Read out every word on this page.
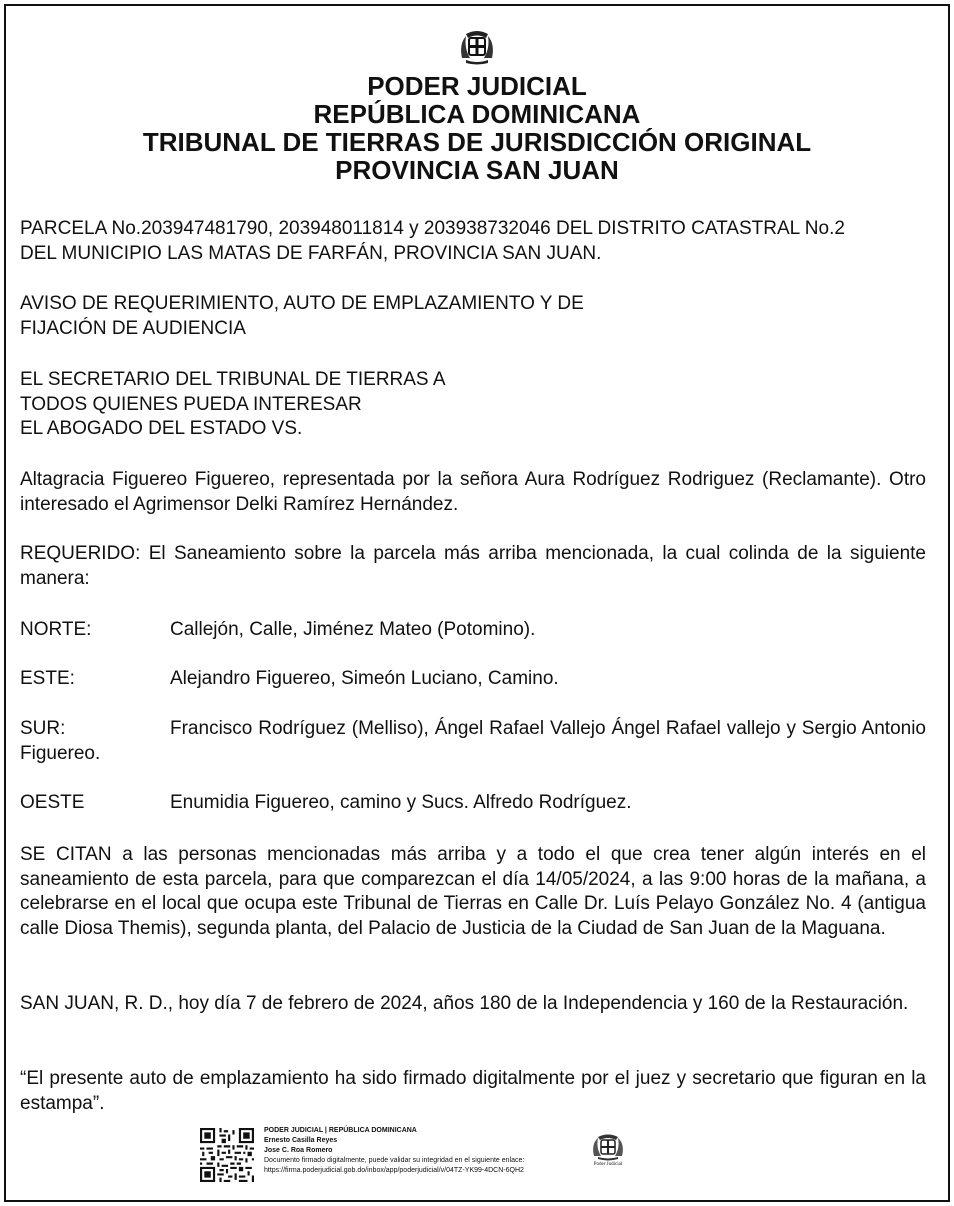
PODER JUDICIAL
REPÚBLICA DOMINICANA
TRIBUNAL DE TIERRAS DE JURISDICCIÓN ORIGINAL
PROVINCIA SAN JUAN
PARCELA No.203947481790, 203948011814 y 203938732046 DEL DISTRITO CATASTRAL No.2
DEL MUNICIPIO LAS MATAS DE FARFÁN, PROVINCIA SAN JUAN.
AVISO DE REQUERIMIENTO, AUTO DE EMPLAZAMIENTO Y DE
FIJACIÓN DE AUDIENCIA
EL SECRETARIO DEL TRIBUNAL DE TIERRAS A
TODOS QUIENES PUEDA INTERESAR
EL ABOGADO DEL ESTADO VS.

Altagracia Figuereo Figuereo, representada por la señora Aura Rodríguez Rodriguez (Reclamante). Otro interesado el Agrimensor Delki Ramírez Hernández.

REQUERIDO: El Saneamiento sobre la parcela más arriba mencionada, la cual colinda de la siguiente manera:

NORTE:	Callejón, Calle, Jiménez Mateo (Potomino).
ESTE:	Alejandro Figuereo, Simeón Luciano, Camino.
SUR:	Francisco Rodríguez (Melliso), Ángel Rafael Vallejo Ángel Rafael vallejo y Sergio Antonio Figuereo.
OESTE	Enumidia Figuereo, camino y Sucs. Alfredo Rodríguez.

SE CITAN a las personas mencionadas más arriba y a todo el que crea tener algún interés en el saneamiento de esta parcela, para que comparezcan el día 14/05/2024, a las 9:00 horas de la mañana, a celebrarse en el local que ocupa este Tribunal de Tierras en Calle Dr. Luís Pelayo González No. 4 (antigua calle Diosa Themis), segunda planta, del Palacio de Justicia de la Ciudad de San Juan de la Maguana.

SAN JUAN, R. D., hoy día 7 de febrero de 2024, años 180 de la Independencia y 160 de la Restauración.

“El presente auto de emplazamiento ha sido firmado digitalmente por el juez y secretario que figuran en la estampa”.

PODER JUDICIAL | REPÚBLICA DOMINICANA
Ernesto Casilla Reyes
Jose C. Roa Romero
Documento firmado digitalmente, puede validar su integridad en el siguiente enlace:
https://firma.poderjudicial.gob.do/inbox/app/poderjudicial/v/04TZ-YK99-4DCN-6QH2
Poder Judicial
